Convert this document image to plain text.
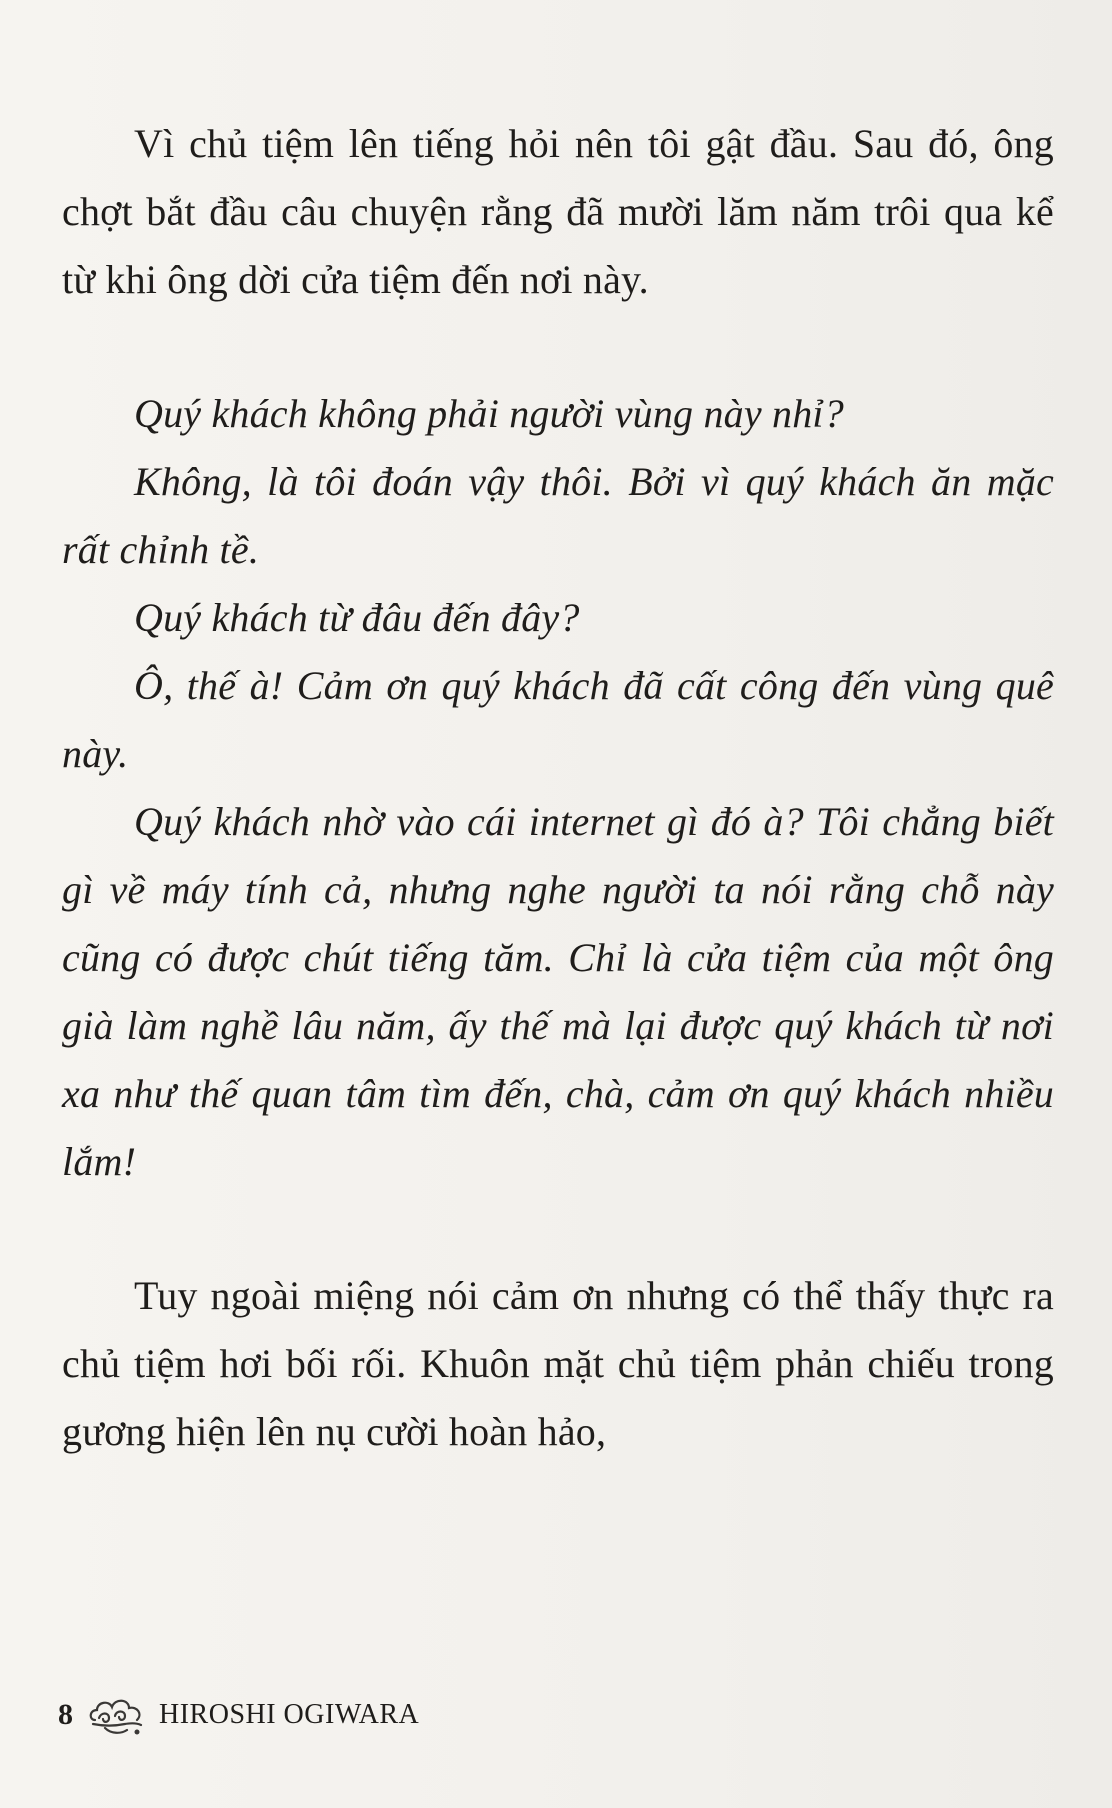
Vì chủ tiệm lên tiếng hỏi nên tôi gật đầu. Sau đó, ông chợt bắt đầu câu chuyện rằng đã mười lăm năm trôi qua kể từ khi ông dời cửa tiệm đến nơi này.

Quý khách không phải người vùng này nhỉ?

Không, là tôi đoán vậy thôi. Bởi vì quý khách ăn mặc rất chỉnh tề.

Quý khách từ đâu đến đây?

Ô, thế à! Cảm ơn quý khách đã cất công đến vùng quê này.

Quý khách nhờ vào cái internet gì đó à? Tôi chẳng biết gì về máy tính cả, nhưng nghe người ta nói rằng chỗ này cũng có được chút tiếng tăm. Chỉ là cửa tiệm của một ông già làm nghề lâu năm, ấy thế mà lại được quý khách từ nơi xa như thế quan tâm tìm đến, chà, cảm ơn quý khách nhiều lắm!

Tuy ngoài miệng nói cảm ơn nhưng có thể thấy thực ra chủ tiệm hơi bối rối. Khuôn mặt chủ tiệm phản chiếu trong gương hiện lên nụ cười hoàn hảo,

8	HIROSHI OGIWARA
